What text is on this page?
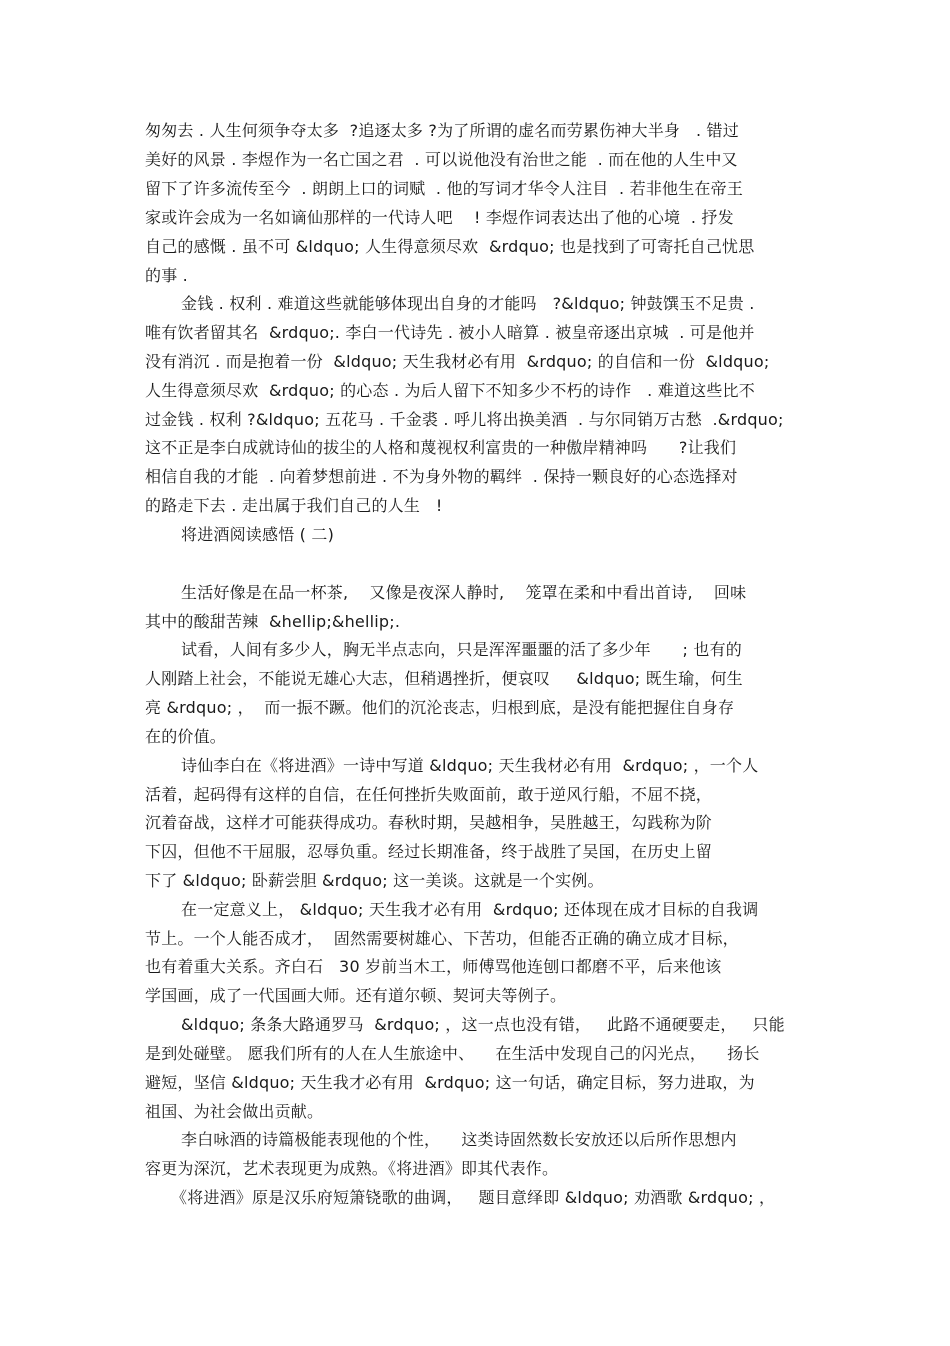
匆匆去 . 人生何须争夺太多  ?追逐太多 ?为了所谓的虚名而劳累伤神大半身   . 错过
美好的风景 . 李煜作为一名亡国之君  . 可以说他没有治世之能  . 而在他的人生中又
留下了许多流传至今  . 朗朗上口的词赋  . 他的写词才华令人注目  . 若非他生在帝王
家或许会成为一名如谪仙那样的一代诗人吧    ! 李煜作词表达出了他的心境  . 抒发
自己的感慨 . 虽不可 &ldquo; 人生得意须尽欢  &rdquo; 也是找到了可寄托自己忧思
的事 .
金钱 . 权利 . 难道这些就能够体现出自身的才能吗   ?&ldquo; 钟鼓馔玉不足贵 .
唯有饮者留其名  &rdquo;. 李白一代诗先 . 被小人暗算 . 被皇帝逐出京城  . 可是他并
没有消沉 . 而是抱着一份  &ldquo; 天生我材必有用  &rdquo; 的自信和一份  &ldquo;
人生得意须尽欢  &rdquo; 的心态 . 为后人留下不知多少不朽的诗作   . 难道这些比不
过金钱 . 权利 ?&ldquo; 五花马 . 千金裘 . 呼儿将出换美酒  . 与尔同销万古愁  .&rdquo;
这不正是李白成就诗仙的拔尘的人格和蔑视权利富贵的一种傲岸精神吗      ?让我们
相信自我的才能  . 向着梦想前进 . 不为身外物的羁绊  . 保持一颗良好的心态选择对
的路走下去 . 走出属于我们自己的人生   !
将进酒阅读感悟 ( 二)
生活好像是在品一杯茶,    又像是夜深人静时,    笼罩在柔和中看出首诗,    回味
其中的酸甜苦辣  &hellip;&hellip;.
试看，人间有多少人，胸无半点志向，只是浑浑噩噩的活了多少年      ; 也有的
人刚踏上社会，不能说无雄心大志，但稍遇挫折，便哀叹     &ldquo; 既生瑜，何生
亮 &rdquo; ，  而一振不蹶。他们的沉沦丧志，归根到底，是没有能把握住自身存
在的价值。
诗仙李白在《将进酒》一诗中写道 &ldquo; 天生我材必有用  &rdquo; ，一个人
活着，起码得有这样的自信，在任何挫折失败面前，敢于逆风行船，不屈不挠，
沉着奋战，这样才可能获得成功。春秋时期，吴越相争，吴胜越王，勾践称为阶
下囚，但他不干屈服，忍辱负重。经过长期准备，终于战胜了吴国，在历史上留
下了 &ldquo; 卧薪尝胆 &rdquo; 这一美谈。这就是一个实例。
在一定意义上， &ldquo; 天生我才必有用  &rdquo; 还体现在成才目标的自我调
节上。一个人能否成才，  固然需要树雄心、下苦功，但能否正确的确立成才目标，
也有着重大关系。齐白石   30 岁前当木工，师傅骂他连刨口都磨不平，后来他该
学国画，成了一代国画大师。还有道尔顿、契诃夫等例子。
&ldquo; 条条大路通罗马  &rdquo; ，这一点也没有错，   此路不通硬要走，   只能
是到处碰壁。 愿我们所有的人在人生旅途中、    在生活中发现自己的闪光点，    扬长
避短，坚信 &ldquo; 天生我才必有用  &rdquo; 这一句话，确定目标，努力进取，为
祖国、为社会做出贡献。
李白咏酒的诗篇极能表现他的个性，    这类诗固然数长安放还以后所作思想内
容更为深沉，艺术表现更为成熟。《将进酒》即其代表作。
《将进酒》原是汉乐府短箫铙歌的曲调，   题目意绎即 &ldquo; 劝酒歌 &rdquo; ，
